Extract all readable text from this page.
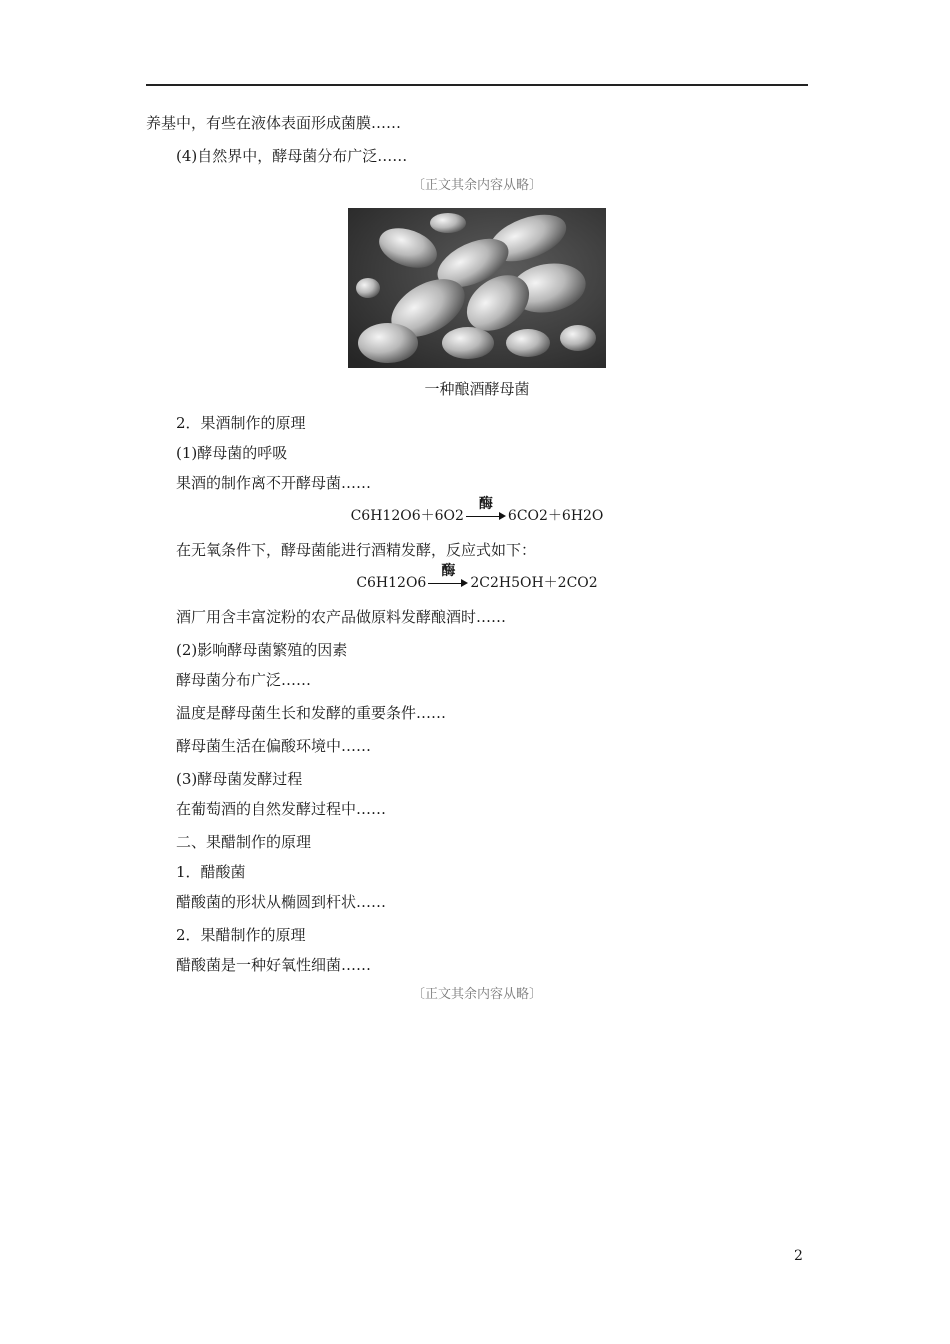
养基中，有些在液体表面形成菌膜……

(4)自然界中，酵母菌分布广泛……

〔正文其余内容从略〕
一种酿酒酵母菌
2．果酒制作的原理
(1)酵母菌的呼吸

果酒的制作离不开酵母菌……

C6H12O6＋6O2
酶
6CO2＋6H2O

在无氧条件下，酵母菌能进行酒精发酵，反应式如下：

C6H12O6
酶
2C2H5OH＋2CO2

酒厂用含丰富淀粉的农产品做原料发酵酿酒时……

(2)影响酵母菌繁殖的因素

酵母菌分布广泛……

温度是酵母菌生长和发酵的重要条件……

酵母菌生活在偏酸环境中……

(3)酵母菌发酵过程

在葡萄酒的自然发酵过程中……

二、果醋制作的原理
1．醋酸菌

醋酸菌的形状从椭圆到杆状……

2．果醋制作的原理

醋酸菌是一种好氧性细菌……

〔正文其余内容从略〕
2
